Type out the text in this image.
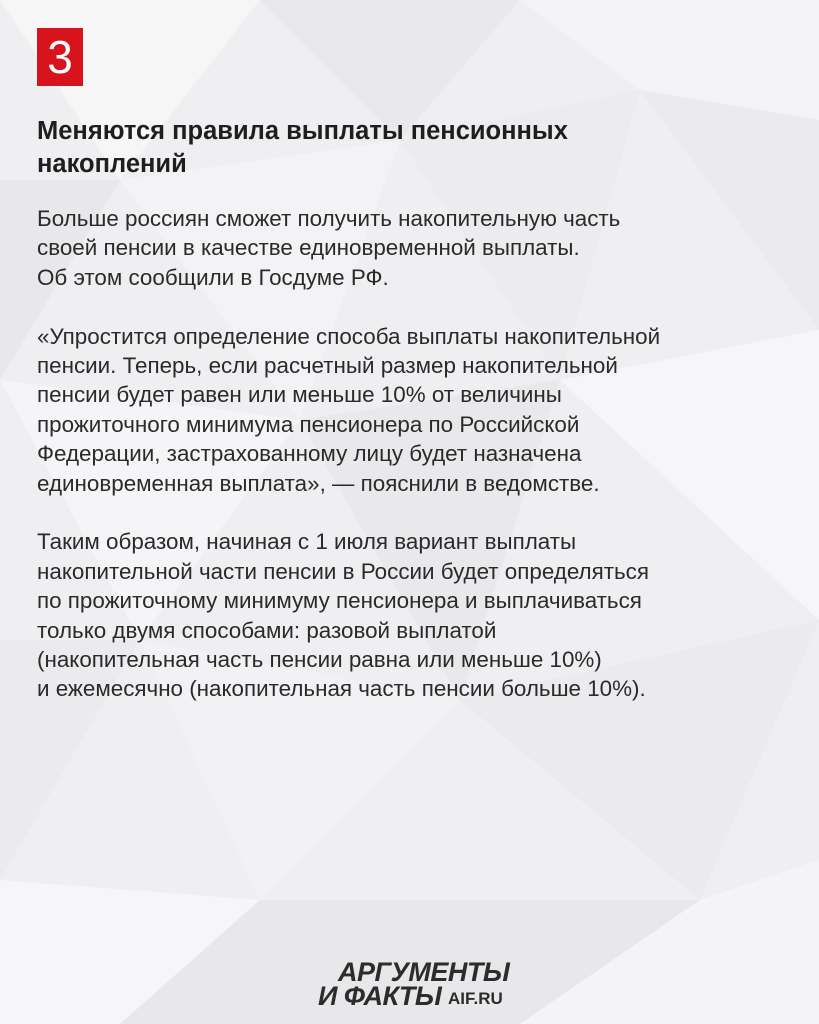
3
Меняются правила выплаты пенсионных
накоплений
Больше россиян сможет получить накопительную часть
своей пенсии в качестве единовременной выплаты.
Об этом сообщили в Госдуме РФ.
«Упростится определение способа выплаты накопительной
пенсии. Теперь, если расчетный размер накопительной
пенсии будет равен или меньше 10% от величины
прожиточного минимума пенсионера по Российской
Федерации, застрахованному лицу будет назначена
единовременная выплата», — пояснили в ведомстве.
Таким образом, начиная с 1 июля вариант выплаты
накопительной части пенсии в России будет определяться
по прожиточному минимуму пенсионера и выплачиваться
только двумя способами: разовой выплатой
(накопительная часть пенсии равна или меньше 10%)
и ежемесячно (накопительная часть пенсии больше 10%).
АРГУМЕНТЫ
И ФАКТЫ AIF.RU
